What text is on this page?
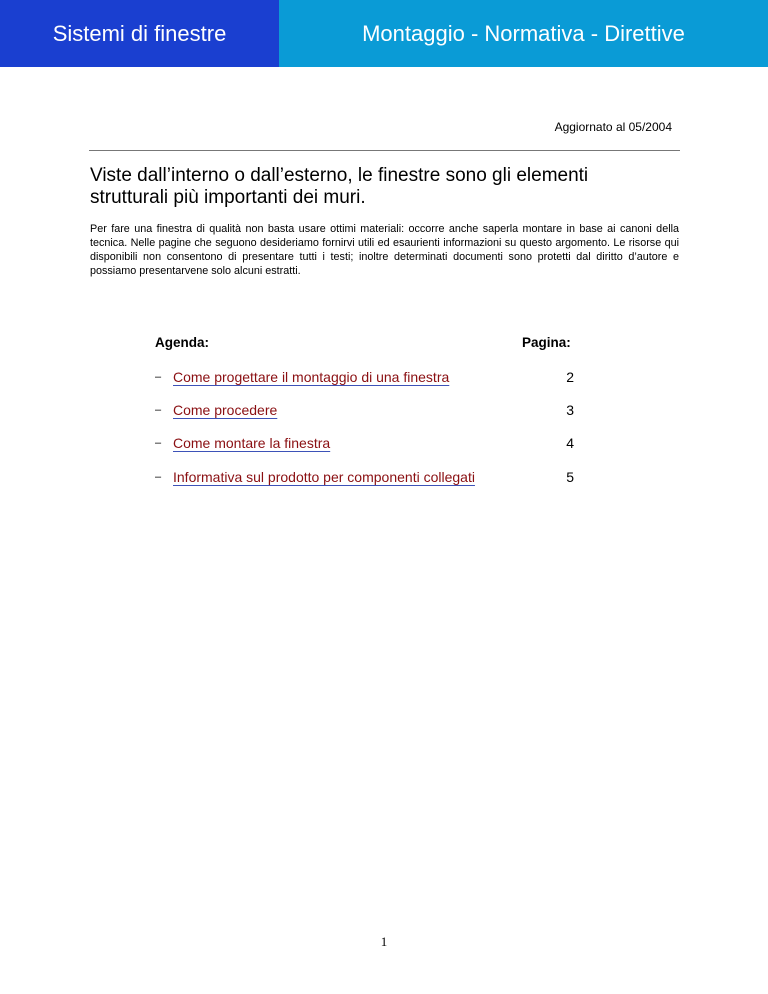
Sistemi di finestre	Montaggio - Normativa - Direttive
Aggiornato al 05/2004
Viste dall’interno o dall’esterno, le finestre sono gli elementi strutturali più importanti dei muri.
Per fare una finestra di qualità non basta usare ottimi materiali: occorre anche saperla montare in base ai canoni della tecnica. Nelle pagine che seguono desideriamo fornirvi utili ed esaurienti informazioni su questo argomento. Le risorse qui disponibili non consentono di presentare tutti i testi; inoltre determinati documenti sono protetti dal diritto d’autore e possiamo presentarvene solo alcuni estratti.
Agenda:	Pagina:
– Come progettare il montaggio di una finestra	2
– Come procedere	3
– Come montare la finestra	4
– Informativa sul prodotto per componenti collegati	5
1
